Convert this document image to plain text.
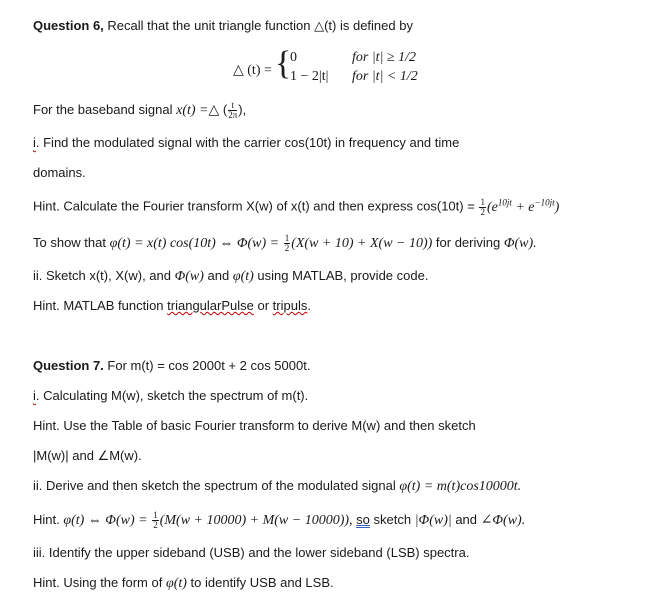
Question 6, Recall that the unit triangle function △(t) is defined by
△ (t) = {
0	for |t| ≥ 1/2
1 − 2|t| for |t| < 1/2
For the baseband signal x(t) =△ ( $\frac{t}{2\pi}$ ),
i. Find the modulated signal with the carrier cos(10t) in frequency and time
domains.
Hint. Calculate the Fourier transform X(w) of x(t) and then express $\cos(10t) = \frac{1}{2} (e^{10jt} + e^{-10jt})$
To show that φ(t) = x(t) cos(10t) ⇔ $\Phi(w) = \frac{1}{2} (X(w + 10) + X(w - 10))$ for deriving Φ(w).
ii. Sketch x(t), X(w), and Φ(w) and φ(t) using MATLAB, provide code.
Hint. MATLAB function triangularPulse or tripuls.
Question 7. For m(t) = cos 2000t + 2 cos 5000t.
i. Calculating M(w), sketch the spectrum of m(t).
Hint. Use the Table of basic Fourier transform to derive M(w) and then sketch
|M(w)| and ∠M(w).
ii. Derive and then sketch the spectrum of the modulated signal φ(t) = m(t)cos10000t.
Hint. φ(t) ⇔ $\Phi(w) = \frac{1}{2} (M(w + 10000) + M(w - 10000))$, so sketch |Φ(w)| and ∠Φ(w).
iii. Identify the upper sideband (USB) and the lower sideband (LSB) spectra.
Hint. Using the form of φ(t) to identify USB and LSB.
